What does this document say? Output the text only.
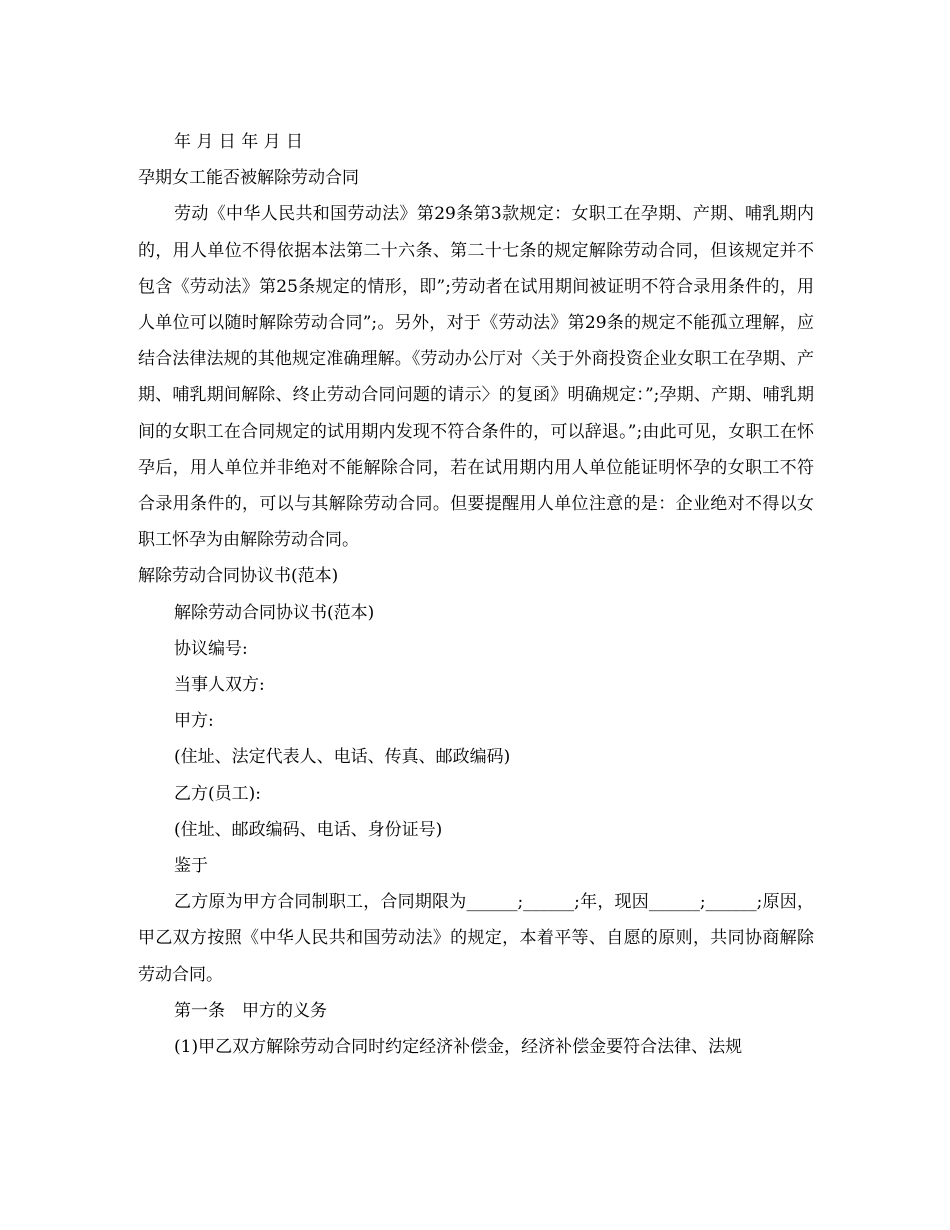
年 月 日 年 月 日

孕期女工能否被解除劳动合同

劳动《中华人民共和国劳动法》第29条第3款规定：女职工在孕期、产期、哺乳期内的，用人单位不得依据本法第二十六条、第二十七条的规定解除劳动合同，但该规定并不包含《劳动法》第25条规定的情形，即”;劳动者在试用期间被证明不符合录用条件的，用人单位可以随时解除劳动合同”;。另外，对于《劳动法》第29条的规定不能孤立理解，应结合法律法规的其他规定准确理解。《劳动办公厅对〈关于外商投资企业女职工在孕期、产期、哺乳期间解除、终止劳动合同问题的请示〉的复函》明确规定：”;孕期、产期、哺乳期间的女职工在合同规定的试用期内发现不符合条件的，可以辞退。”;由此可见，女职工在怀孕后，用人单位并非绝对不能解除合同，若在试用期内用人单位能证明怀孕的女职工不符合录用条件的，可以与其解除劳动合同。但要提醒用人单位注意的是：企业绝对不得以女职工怀孕为由解除劳动合同。

解除劳动合同协议书(范本)

解除劳动合同协议书(范本)

协议编号:

当事人双方:

甲方:

(住址、法定代表人、电话、传真、邮政编码)

乙方(员工):

(住址、邮政编码、电话、身份证号)

鉴于

乙方原为甲方合同制职工，合同期限为______;______;年，现因______;______;原因，甲乙双方按照《中华人民共和国劳动法》的规定，本着平等、自愿的原则，共同协商解除劳动合同。

第一条　甲方的义务

(1)甲乙双方解除劳动合同时约定经济补偿金，经济补偿金要符合法律、法规
